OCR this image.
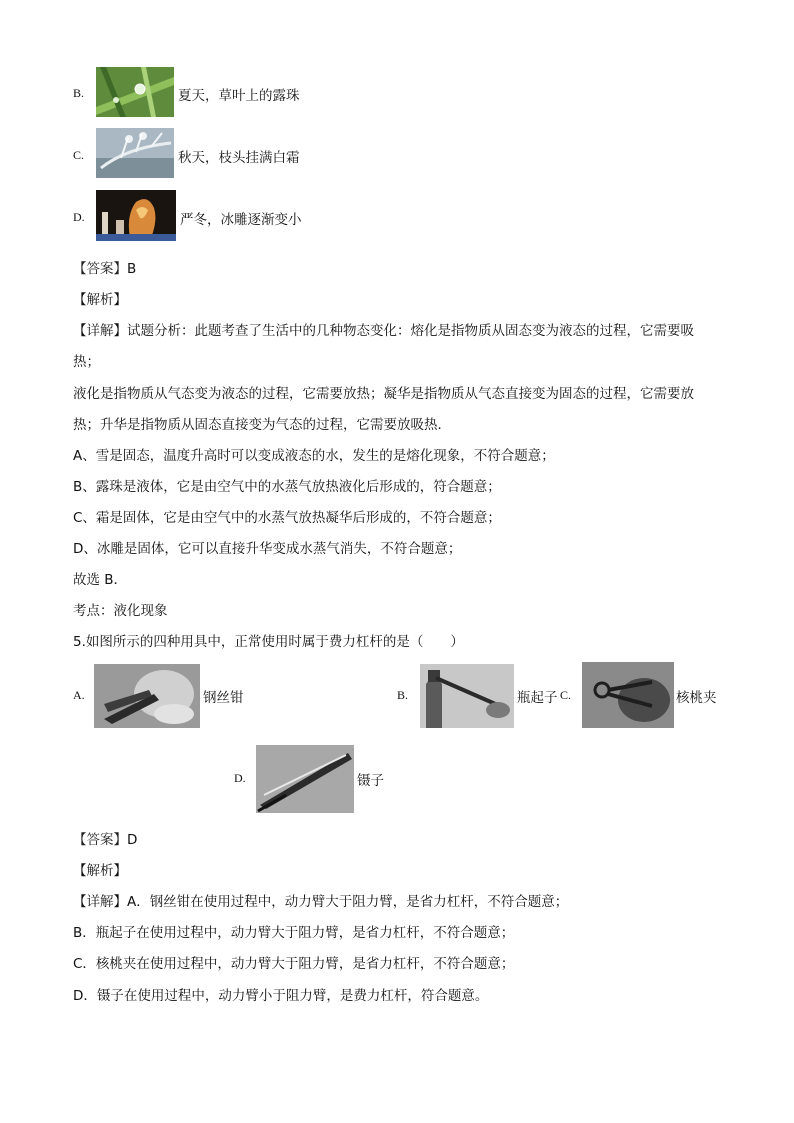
B.	夏天，草叶上的露珠
C.	秋天，枝头挂满白霜
D.	严冬，冰雕逐渐变小
【答案】B
【解析】
【详解】试题分析：此题考查了生活中的几种物态变化：熔化是指物质从固态变为液态的过程，它需要吸
热；
液化是指物质从气态变为液态的过程，它需要放热；凝华是指物质从气态直接变为固态的过程，它需要放
热；升华是指物质从固态直接变为气态的过程，它需要放吸热．
A、雪是固态，温度升高时可以变成液态的水，发生的是熔化现象，不符合题意；
B、露珠是液体，它是由空气中的水蒸气放热液化后形成的，符合题意；
C、霜是固体，它是由空气中的水蒸气放热凝华后形成的，不符合题意；
D、冰雕是固体，它可以直接升华变成水蒸气消失，不符合题意；
故选 B．
考点：液化现象
5.如图所示的四种用具中，正常使用时属于费力杠杆的是（　　）
A.	钢丝钳	B.	瓶起子 C.	核桃夹
D.	镊子
【答案】D
【解析】
【详解】A．钢丝钳在使用过程中，动力臂大于阻力臂，是省力杠杆，不符合题意；
B．瓶起子在使用过程中，动力臂大于阻力臂，是省力杠杆，不符合题意；
C．核桃夹在使用过程中，动力臂大于阻力臂，是省力杠杆，不符合题意；
D．镊子在使用过程中，动力臂小于阻力臂，是费力杠杆，符合题意。
